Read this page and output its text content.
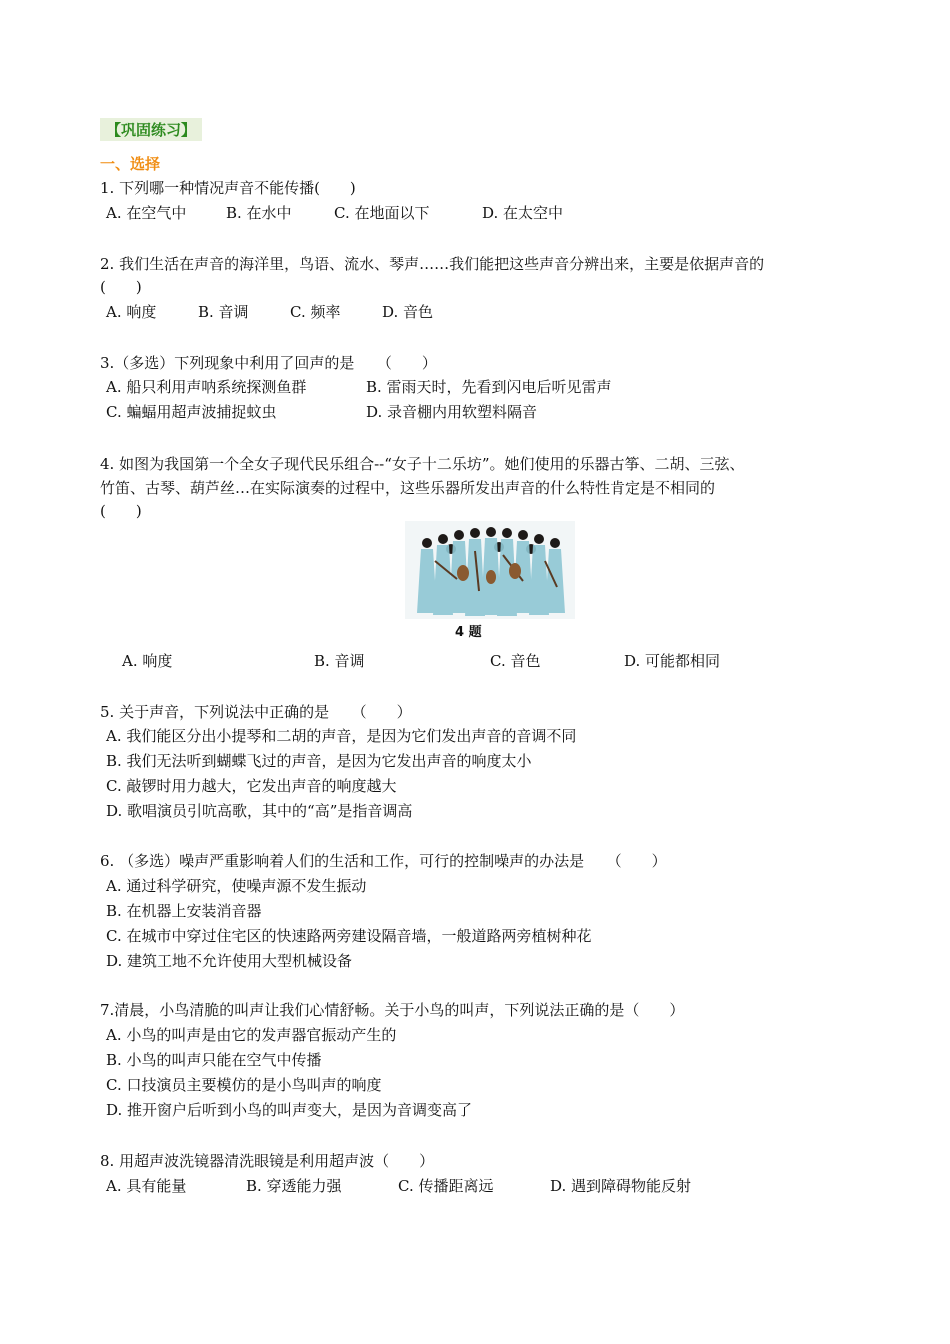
【巩固练习】
一、选择
1. 下列哪一种情况声音不能传播(　　)

A. 在空气中

	B. 在水中

	C. 在地面以下

	D. 在太空中

2. 我们生活在声音的海洋里，鸟语、流水、琴声……我们能把这些声音分辨出来，主要是依据声音的
(　　)

A. 响度

	B. 音调

	C. 频率

	D. 音色

3.（多选）下列现象中利用了回声的是　　（　　）

A. 船只利用声呐系统探测鱼群

	B. 雷雨天时，先看到闪电后听见雷声

C. 蝙蝠用超声波捕捉蚊虫

	D. 录音棚内用软塑料隔音

4. 如图为我国第一个全女子现代民乐组合--“女子十二乐坊”。她们使用的乐器古筝、二胡、三弦、
竹笛、古琴、葫芦丝…在实际演奏的过程中，这些乐器所发出声音的什么特性肯定是不相同的
(　　)
4 题

A. 响度

	B. 音调

	C. 音色

	D. 可能都相同

5. 关于声音，下列说法中正确的是　　（　　）
A. 我们能区分出小提琴和二胡的声音，是因为它们发出声音的音调不同
B. 我们无法听到蝴蝶飞过的声音，是因为它发出声音的响度太小
C. 敲锣时用力越大，它发出声音的响度越大
D. 歌唱演员引吭高歌，其中的“高”是指音调高
6. （多选）噪声严重影响着人们的生活和工作，可行的控制噪声的办法是　　（　　）
A. 通过科学研究，使噪声源不发生振动
B. 在机器上安装消音器
C. 在城市中穿过住宅区的快速路两旁建设隔音墙，一般道路两旁植树种花
D. 建筑工地不允许使用大型机械设备
7.清晨，小鸟清脆的叫声让我们心情舒畅。关于小鸟的叫声，下列说法正确的是（　　）
A. 小鸟的叫声是由它的发声器官振动产生的
B. 小鸟的叫声只能在空气中传播
C. 口技演员主要模仿的是小鸟叫声的响度
D. 推开窗户后听到小鸟的叫声变大，是因为音调变高了
8. 用超声波洗镜器清洗眼镜是利用超声波（　　）

A. 具有能量

	B. 穿透能力强

	C. 传播距离远

	D. 遇到障碍物能反射
